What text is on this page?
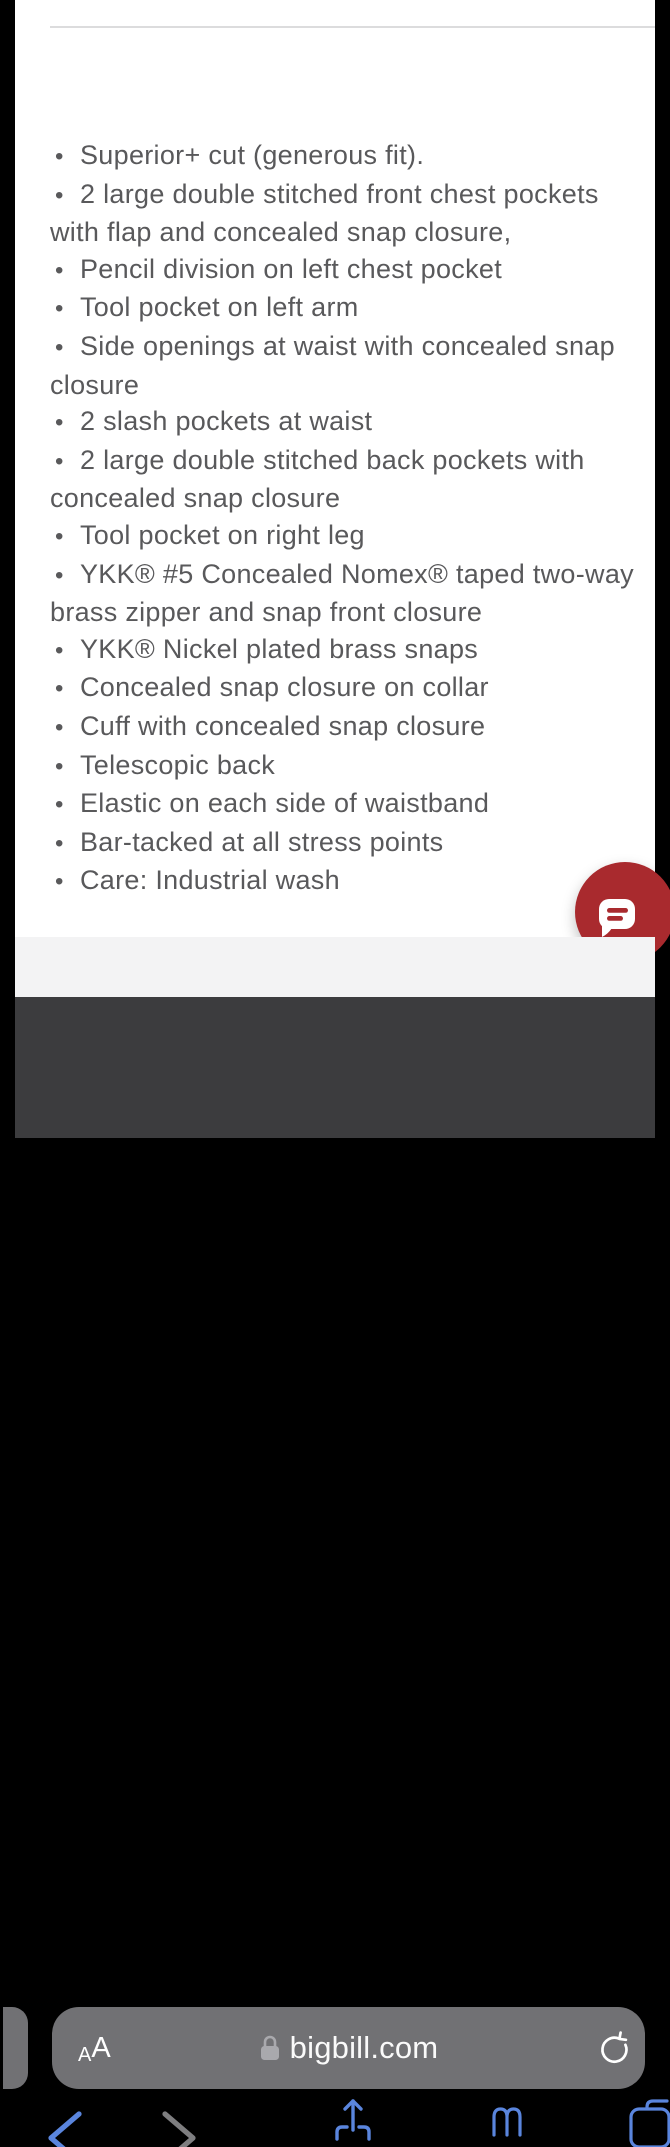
• Superior+ cut (generous fit).
• 2 large double stitched front chest pockets
with flap and concealed snap closure,
• Pencil division on left chest pocket
• Tool pocket on left arm
• Side openings at waist with concealed snap
closure
• 2 slash pockets at waist
• 2 large double stitched back pockets with
concealed snap closure
• Tool pocket on right leg
• YKK® #5 Concealed Nomex® taped two-way
brass zipper and snap front closure
• YKK® Nickel plated brass snaps
• Concealed snap closure on collar
• Cuff with concealed snap closure
• Telescopic back
• Elastic on each side of waistband
• Bar-tacked at all stress points
• Care: Industrial wash
A A	bigbill.com
